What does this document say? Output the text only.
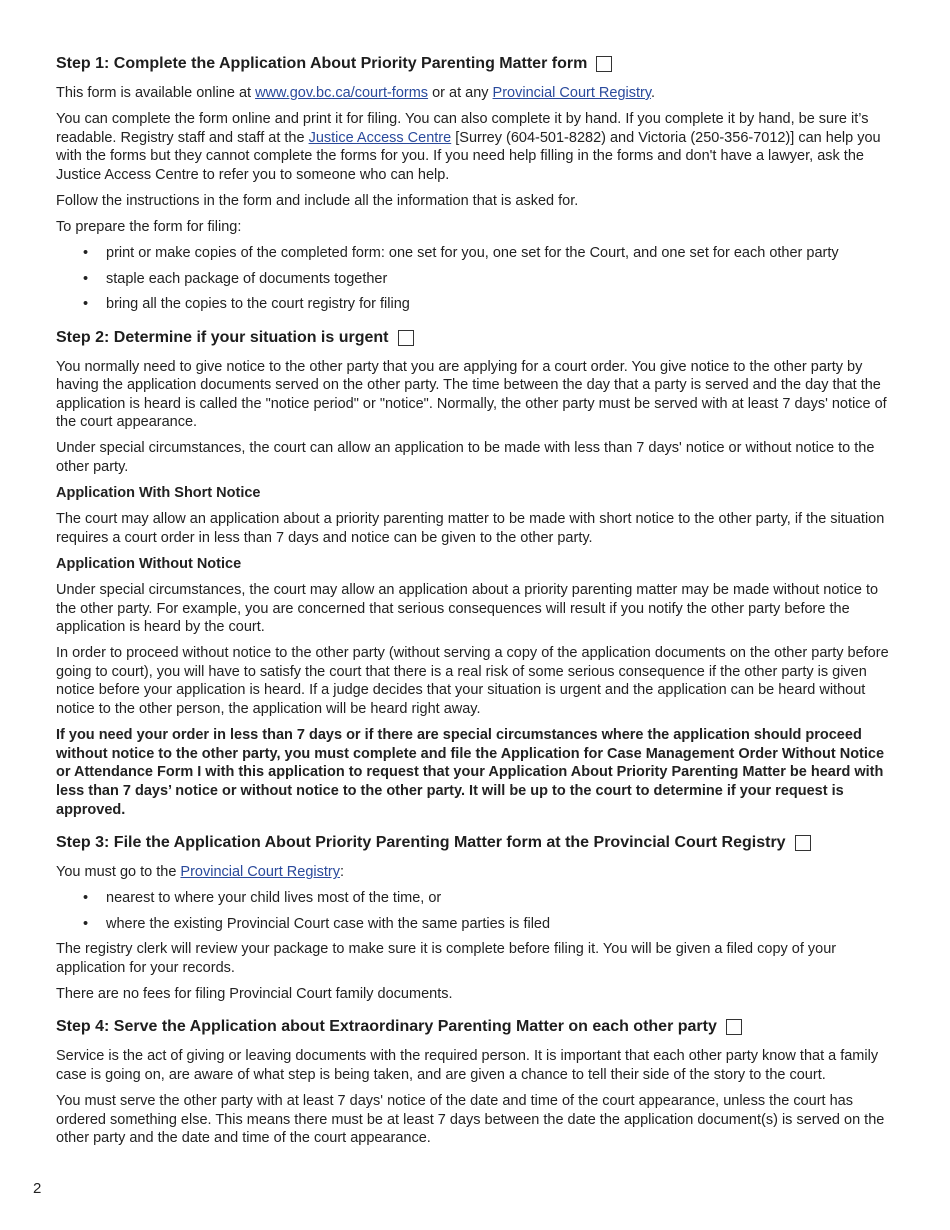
Step 1: Complete the Application About Priority Parenting Matter form

This form is available online at www.gov.bc.ca/court-forms or at any Provincial Court Registry.

You can complete the form online and print it for filing. You can also complete it by hand. If you complete it by hand, be sure it’s readable. Registry staff and staff at the Justice Access Centre [Surrey (604-501-8282) and Victoria (250-356-7012)] can help you with the forms but they cannot complete the forms for you. If you need help filling in the forms and don't have a lawyer, ask the Justice Access Centre to refer you to someone who can help.

Follow the instructions in the form and include all the information that is asked for.

To prepare the form for filing:

• print or make copies of the completed form: one set for you, one set for the Court, and one set for each other party
• staple each package of documents together
• bring all the copies to the court registry for filing
Step 2: Determine if your situation is urgent

You normally need to give notice to the other party that you are applying for a court order. You give notice to the other party by having the application documents served on the other party. The time between the day that a party is served and the day that the application is heard is called the "notice period" or "notice". Normally, the other party must be served with at least 7 days' notice of the court appearance.

Under special circumstances, the court can allow an application to be made with less than 7 days' notice or without notice to the other party.

Application With Short Notice

The court may allow an application about a priority parenting matter to be made with short notice to the other party, if the situation requires a court order in less than 7 days and notice can be given to the other party.

Application Without Notice

Under special circumstances, the court may allow an application about a priority parenting matter may be made without notice to the other party. For example, you are concerned that serious consequences will result if you notify the other party before the application is heard by the court.

In order to proceed without notice to the other party (without serving a copy of the application documents on the other party before going to court), you will have to satisfy the court that there is a real risk of some serious consequence if the other party is given notice before your application is heard. If a judge decides that your situation is urgent and the application can be heard without notice to the other person, the application will be heard right away.

If you need your order in less than 7 days or if there are special circumstances where the application should proceed without notice to the other party, you must complete and file the Application for Case Management Order Without Notice or Attendance Form I with this application to request that your Application About Priority Parenting Matter be heard with less than 7 days’ notice or without notice to the other party. It will be up to the court to determine if your request is approved.

Step 3: File the Application About Priority Parenting Matter form at the Provincial Court Registry

You must go to the Provincial Court Registry:

• nearest to where your child lives most of the time, or
• where the existing Provincial Court case with the same parties is filed

The registry clerk will review your package to make sure it is complete before filing it. You will be given a filed copy of your application for your records.

There are no fees for filing Provincial Court family documents.

Step 4: Serve the Application about Extraordinary Parenting Matter on each other party

Service is the act of giving or leaving documents with the required person. It is important that each other party know that a family case is going on, are aware of what step is being taken, and are given a chance to tell their side of the story to the court.

You must serve the other party with at least 7 days' notice of the date and time of the court appearance, unless the court has ordered something else. This means there must be at least 7 days between the date the application document(s) is served on the other party and the date and time of the court appearance.

2
